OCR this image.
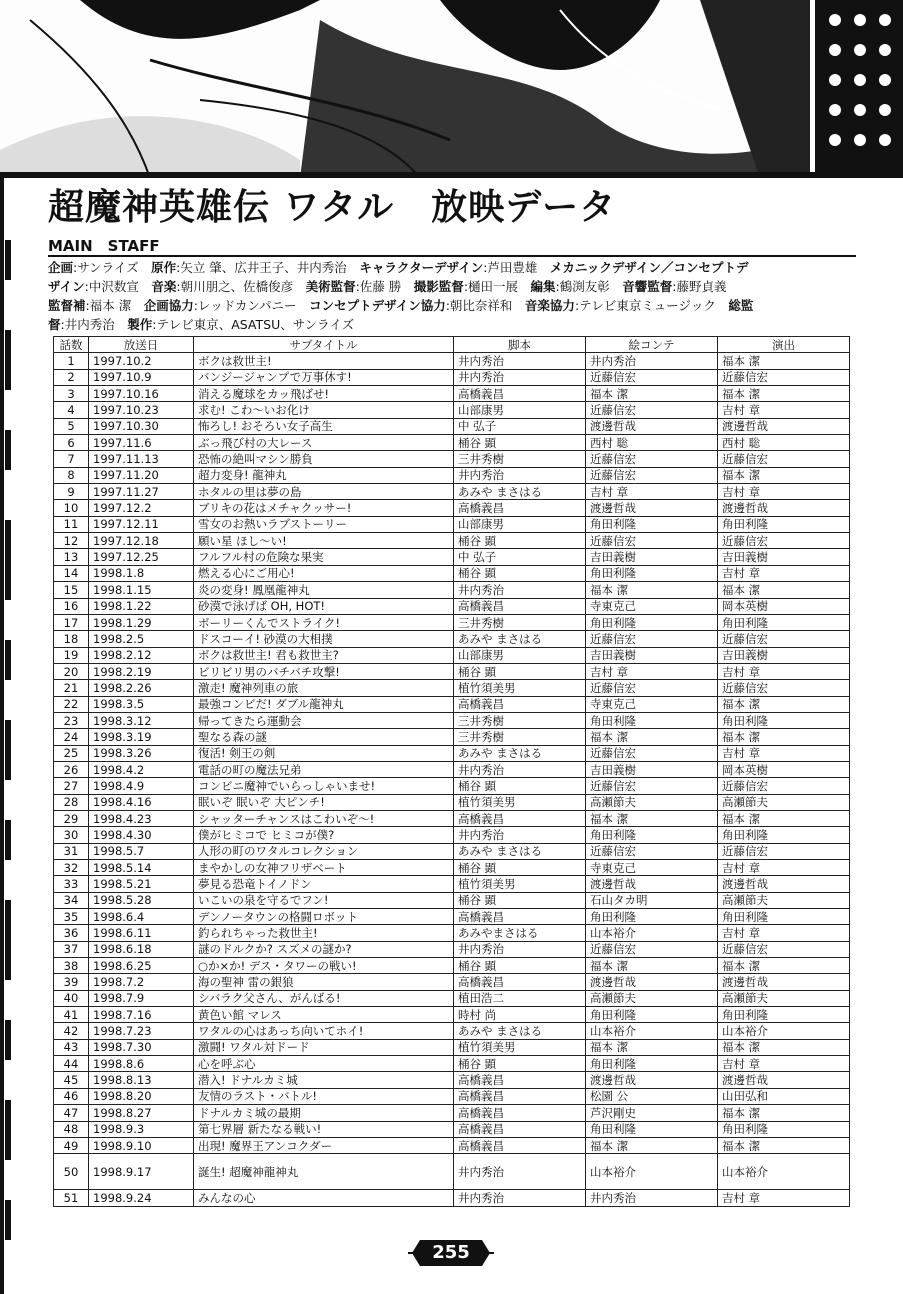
超魔神英雄伝 ワタル　放映データ
MAIN　STAFF
企画:サンライズ　原作:矢立 肇、広井王子、井内秀治　キャラクターデザイン:芦田豊雄　メカニックデザイン／コンセプトデ
ザイン:中沢数宣　音楽:朝川朋之、佐橋俊彦　美術監督:佐藤 勝　撮影監督:樋田一展　編集:鶴渕友彰　音響監督:藤野貞義
監督補:福本 潔　企画協力:レッドカンパニー　コンセプトデザイン協力:朝比奈祥和　音楽協力:テレビ東京ミュージック　総監
督:井内秀治　製作:テレビ東京、ASATSU、サンライズ
話数	放送日	サブタイトル	脚本	絵コンテ	演出
1	1997.10.2	ボクは救世主!	井内秀治	井内秀治	福本 潔
2	1997.10.9	バンジージャンプで万事休す!	井内秀治	近藤信宏	近藤信宏
3	1997.10.16	消える魔球をカッ飛ばせ!	高橋義昌	福本 潔	福本 潔
4	1997.10.23	求む! こわ～いお化け	山部康男	近藤信宏	吉村 章
5	1997.10.30	怖ろし! おそろい女子高生	中 弘子	渡邊哲哉	渡邊哲哉
6	1997.11.6	ぶっ飛び村の大レース	桶谷 顕	西村 聡	西村 聡
7	1997.11.13	恐怖の絶叫マシン勝負	三井秀樹	近藤信宏	近藤信宏
8	1997.11.20	超力変身! 龍神丸	井内秀治	近藤信宏	福本 潔
9	1997.11.27	ホタルの里は夢の島	あみや まさはる	吉村 章	吉村 章
10	1997.12.2	ブリキの花はメチャクッサー!	高橋義昌	渡邊哲哉	渡邊哲哉
11	1997.12.11	雪女のお熱いラブストーリー	山部康男	角田利隆	角田利隆
12	1997.12.18	願い星 ほし～い!	桶谷 顕	近藤信宏	近藤信宏
13	1997.12.25	フルフル村の危険な果実	中 弘子	吉田義樹	吉田義樹
14	1998.1.8	燃える心にご用心!	桶谷 顕	角田利隆	吉村 章
15	1998.1.15	炎の変身! 鳳凰龍神丸	井内秀治	福本 潔	福本 潔
16	1998.1.22	砂漠で泳げば OH, HOT!	高橋義昌	寺東克己	岡本英樹
17	1998.1.29	ボーリーくんでストライク!	三井秀樹	角田利隆	角田利隆
18	1998.2.5	ドスコーイ! 砂漠の大相撲	あみや まさはる	近藤信宏	近藤信宏
19	1998.2.12	ボクは救世主! 君も救世主?	山部康男	吉田義樹	吉田義樹
20	1998.2.19	ビリビリ男のバチバチ攻撃!	桶谷 顕	吉村 章	吉村 章
21	1998.2.26	激走! 魔神列車の旅	植竹須美男	近藤信宏	近藤信宏
22	1998.3.5	最強コンビだ! ダブル龍神丸	高橋義昌	寺東克己	福本 潔
23	1998.3.12	帰ってきたら運動会	三井秀樹	角田利隆	角田利隆
24	1998.3.19	聖なる森の謎	三井秀樹	福本 潔	福本 潔
25	1998.3.26	復活! 剣王の剣	あみや まさはる	近藤信宏	吉村 章
26	1998.4.2	電話の町の魔法兄弟	井内秀治	吉田義樹	岡本英樹
27	1998.4.9	コンビニ魔神でいらっしゃいませ!	桶谷 顕	近藤信宏	近藤信宏
28	1998.4.16	眠いぞ 眠いぞ 大ピンチ!	植竹須美男	高瀬節夫	高瀬節夫
29	1998.4.23	シャッターチャンスはこわいぞ～!	高橋義昌	福本 潔	福本 潔
30	1998.4.30	僕がヒミコで ヒミコが僕?	井内秀治	角田利隆	角田利隆
31	1998.5.7	人形の町のワタルコレクション	あみや まさはる	近藤信宏	近藤信宏
32	1998.5.14	まやかしの女神フリザベート	桶谷 顕	寺東克己	吉村 章
33	1998.5.21	夢見る恐竜トイノドン	植竹須美男	渡邊哲哉	渡邊哲哉
34	1998.5.28	いこいの泉を守るでフン!	桶谷 顕	石山タカ明	高瀬節夫
35	1998.6.4	デンノータウンの格闘ロボット	高橋義昌	角田利隆	角田利隆
36	1998.6.11	釣られちゃった救世主!	あみやまさはる	山本裕介	吉村 章
37	1998.6.18	謎のドルクか? スズメの謎か?	井内秀治	近藤信宏	近藤信宏
38	1998.6.25	○か×か! デス・タワーの戦い!	桶谷 顕	福本 潔	福本 潔
39	1998.7.2	海の聖神 雷の銀狼	高橋義昌	渡邊哲哉	渡邊哲哉
40	1998.7.9	シバラク父さん、がんばる!	植田浩二	高瀬節夫	高瀬節夫
41	1998.7.16	黄色い館 マレス	時村 尚	角田利隆	角田利隆
42	1998.7.23	ワタルの心はあっち向いてホイ!	あみや まさはる	山本裕介	山本裕介
43	1998.7.30	激闘! ワタル対ドード	植竹須美男	福本 潔	福本 潔
44	1998.8.6	心を呼ぶ心	桶谷 顕	角田利隆	吉村 章
45	1998.8.13	潜入! ドナルカミ城	高橋義昌	渡邊哲哉	渡邊哲哉
46	1998.8.20	友情のラスト・バトル!	高橋義昌	松園 公	山田弘和
47	1998.8.27	ドナルカミ城の最期	高橋義昌	芦沢剛史	福本 潔
48	1998.9.3	第七界層 新たなる戦い!	高橋義昌	角田利隆	角田利隆
49	1998.9.10	出現! 魔界王アンコクダー	高橋義昌	福本 潔	福本 潔
50	1998.9.17	誕生! 超魔神龍神丸	井内秀治	山本裕介	山本裕介
51	1998.9.24	みんなの心	井内秀治	井内秀治	吉村 章
255
